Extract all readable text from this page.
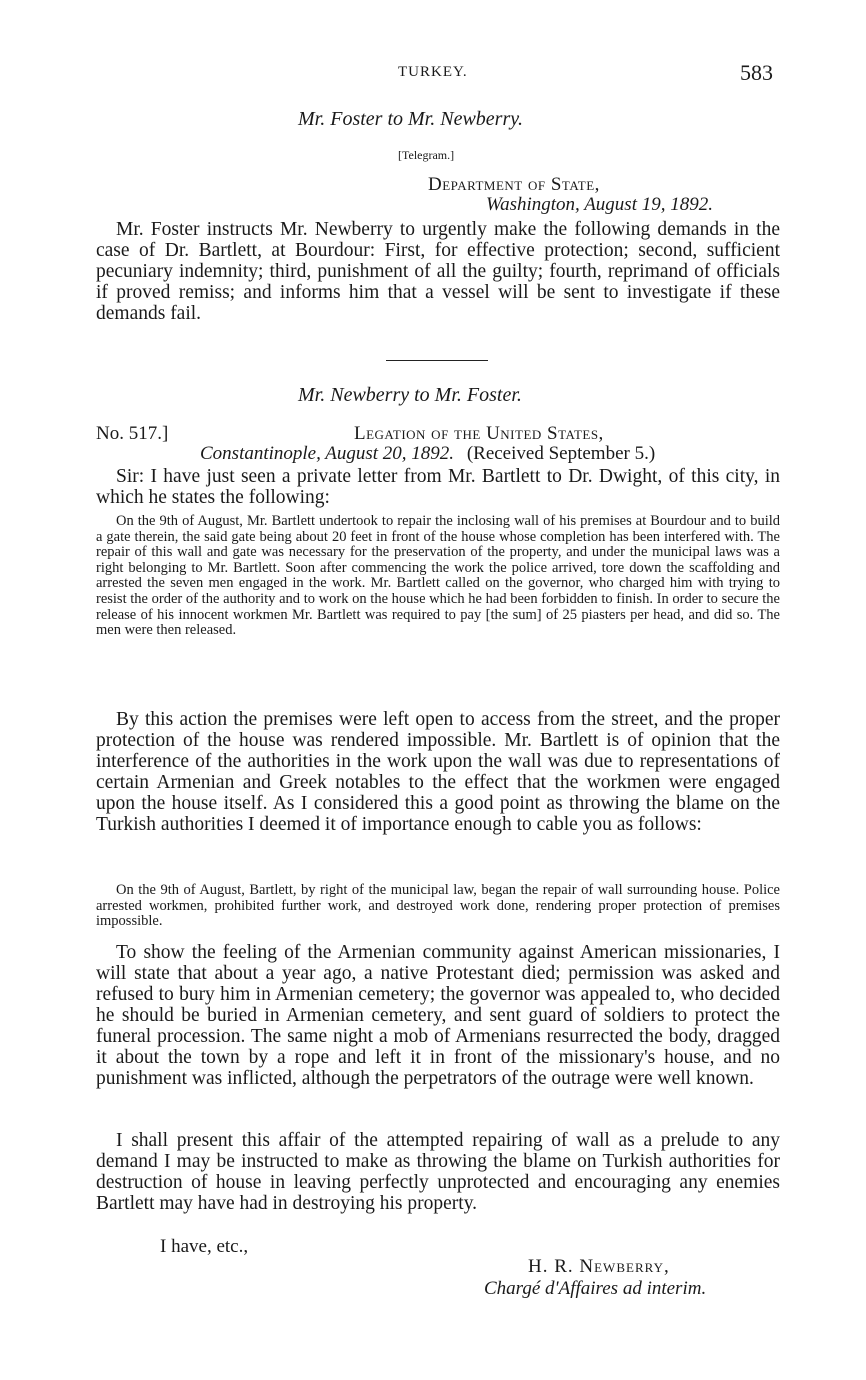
TURKEY.	583
Mr. Foster to Mr. Newberry.
[Telegram.]
Department of State,
Washington, August 19, 1892.

Mr. Foster instructs Mr. Newberry to urgently make the following demands in the case of Dr. Bartlett, at Bourdour: First, for effective protection; second, sufficient pecuniary indemnity; third, punishment of all the guilty; fourth, reprimand of officials if proved remiss; and informs him that a vessel will be sent to investigate if these demands fail.

Mr. Newberry to Mr. Foster.
No. 517.]	Legation of the United States,
Constantinople, August 20, 1892. (Received September 5.)

Sir: I have just seen a private letter from Mr. Bartlett to Dr. Dwight, of this city, in which he states the following:

On the 9th of August, Mr. Bartlett undertook to repair the inclosing wall of his premises at Bourdour and to build a gate therein, the said gate being about 20 feet in front of the house whose completion has been interfered with. The repair of this wall and gate was necessary for the preservation of the property, and under the municipal laws was a right belonging to Mr. Bartlett. Soon after commencing the work the police arrived, tore down the scaffolding and arrested the seven men engaged in the work. Mr. Bartlett called on the governor, who charged him with trying to resist the order of the authority and to work on the house which he had been forbidden to finish. In order to secure the release of his innocent workmen Mr. Bartlett was required to pay [the sum] of 25 piasters per head, and did so. The men were then released.

By this action the premises were left open to access from the street, and the proper protection of the house was rendered impossible. Mr. Bartlett is of opinion that the interference of the authorities in the work upon the wall was due to representations of certain Armenian and Greek notables to the effect that the workmen were engaged upon the house itself. As I considered this a good point as throwing the blame on the Turkish authorities I deemed it of importance enough to cable you as follows:

On the 9th of August, Bartlett, by right of the municipal law, began the repair of wall surrounding house. Police arrested workmen, prohibited further work, and destroyed work done, rendering proper protection of premises impossible.

To show the feeling of the Armenian community against American missionaries, I will state that about a year ago, a native Protestant died; permission was asked and refused to bury him in Armenian cemetery; the governor was appealed to, who decided he should be buried in Armenian cemetery, and sent guard of soldiers to protect the funeral procession. The same night a mob of Armenians resurrected the body, dragged it about the town by a rope and left it in front of the missionary's house, and no punishment was inflicted, although the perpetrators of the outrage were well known.

I shall present this affair of the attempted repairing of wall as a prelude to any demand I may be instructed to make as throwing the blame on Turkish authorities for destruction of house in leaving perfectly unprotected and encouraging any enemies Bartlett may have had in destroying his property.

I have, etc.,
H. R. Newberry,
Chargé d'Affaires ad interim.
